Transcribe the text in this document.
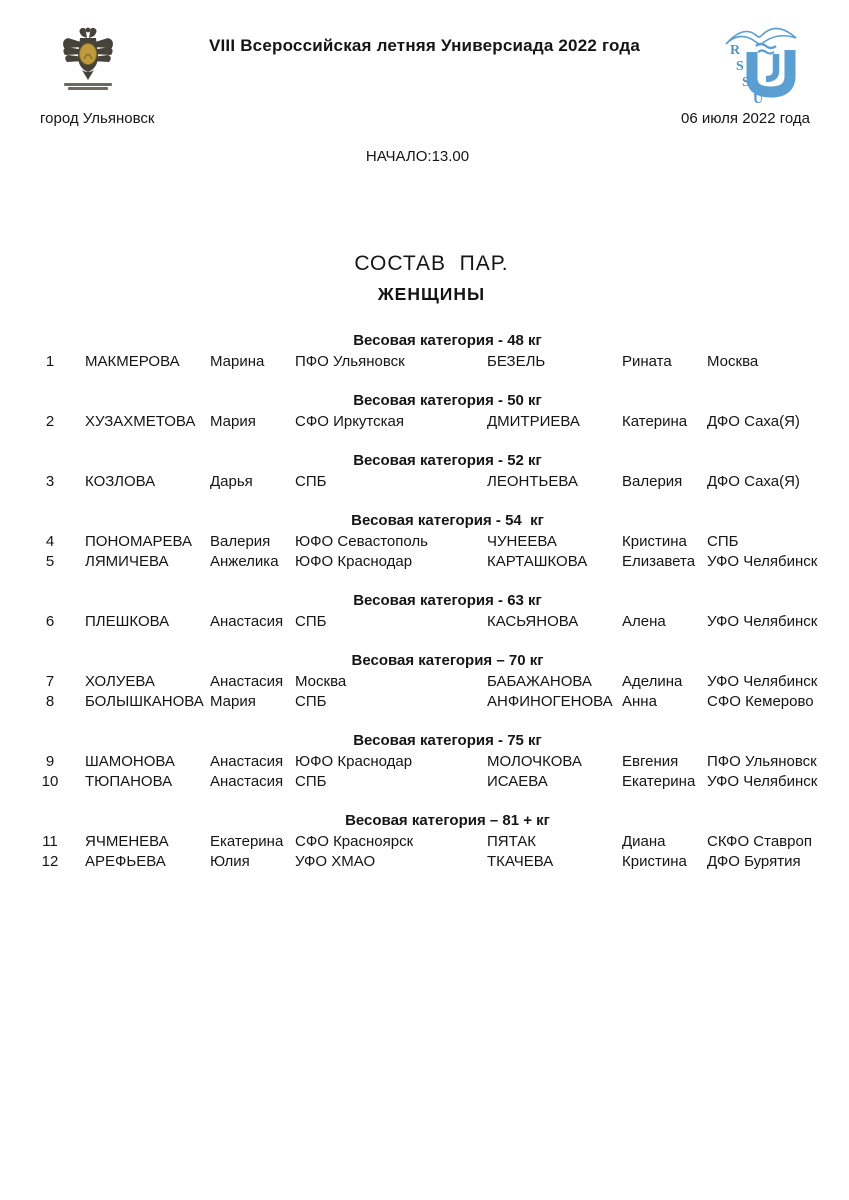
VIII Всероссийская летняя Универсиада 2022 года	R
S
S
U
город Ульяновск	06 июля 2022 года
НАЧАЛО:13.00
СОСТАВ  ПАР.
ЖЕНЩИНЫ
Весовая категория - 48 кг
1	МАКМЕРОВА	Марина	ПФО Ульяновск	БЕЗЕЛЬ	Рината	Москва
Весовая категория - 50 кг
2	ХУЗАХМЕТОВА Мария	СФО Иркутская	ДМИТРИЕВА	Катерина	ДФО Саха(Я)
Весовая категория - 52 кг
3	КОЗЛОВА	Дарья	СПБ	ЛЕОНТЬЕВА	Валерия	ДФО Саха(Я)
Весовая категория - 54  кг
4	ПОНОМАРЕВА	Валерия	ЮФО Севастополь	ЧУНЕЕВА	Кристина	СПБ
5	ЛЯМИЧЕВА	Анжелика	ЮФО Краснодар	КАРТАШКОВА	Елизавета УФО Челябинск
Весовая категория - 63 кг
6	ПЛЕШКОВА	Анастасия СПБ	КАСЬЯНОВА	Алена	УФО Челябинск
Весовая категория – 70 кг
7	ХОЛУЕВА	Анастасия Москва	БАБАЖАНОВА	Аделина	УФО Челябинск
8	БОЛЫШКАНОВА Мария	СПБ	АНФИНОГЕНОВА Анна	СФО Кемерово
Весовая категория - 75 кг
9	ШАМОНОВА	Анастасия ЮФО Краснодар	МОЛОЧКОВА	Евгения	ПФО Ульяновск
10	ТЮПАНОВА	Анастасия СПБ	ИСАЕВА	Екатерина УФО Челябинск
Весовая категория – 81 + кг
11	ЯЧМЕНЕВА	Екатерина СФО Красноярск	ПЯТАК	Диана	СКФО Ставроп
12	АРЕФЬЕВА	Юлия	УФО ХМАО	ТКАЧЕВА	Кристина	ДФО Бурятия
